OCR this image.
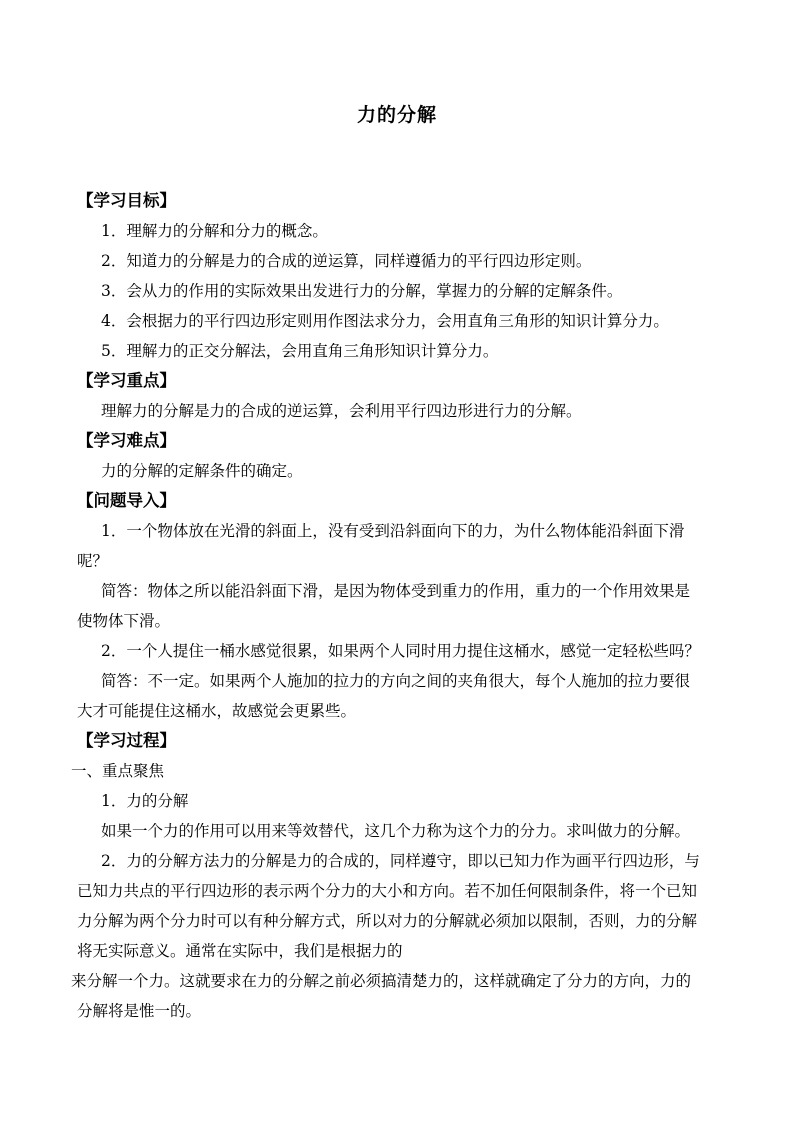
力的分解
【学习目标】
1．理解力的分解和分力的概念。
2．知道力的分解是力的合成的逆运算，同样遵循力的平行四边形定则。
3．会从力的作用的实际效果出发进行力的分解，掌握力的分解的定解条件。
4．会根据力的平行四边形定则用作图法求分力，会用直角三角形的知识计算分力。
5．理解力的正交分解法，会用直角三角形知识计算分力。
【学习重点】
理解力的分解是力的合成的逆运算，会利用平行四边形进行力的分解。
【学习难点】
力的分解的定解条件的确定。
【问题导入】
1．一个物体放在光滑的斜面上，没有受到沿斜面向下的力，为什么物体能沿斜面下滑
呢？
简答：物体之所以能沿斜面下滑，是因为物体受到重力的作用，重力的一个作用效果是
使物体下滑。
2．一个人提住一桶水感觉很累，如果两个人同时用力提住这桶水，感觉一定轻松些吗？
简答：不一定。如果两个人施加的拉力的方向之间的夹角很大，每个人施加的拉力要很
大才可能提住这桶水，故感觉会更累些。
【学习过程】
一、重点聚焦
1．力的分解
如果一个力的作用可以用来等效替代，这几个力称为这个力的分力。求叫做力的分解。
2．力的分解方法力的分解是力的合成的，同样遵守，即以已知力作为画平行四边形，与
已知力共点的平行四边形的表示两个分力的大小和方向。若不加任何限制条件，将一个已知
力分解为两个分力时可以有种分解方式，所以对力的分解就必须加以限制，否则，力的分解
将无实际意义。通常在实际中，我们是根据力的
来分解一个力。这就要求在力的分解之前必须搞清楚力的，这样就确定了分力的方向，力的
分解将是惟一的。
